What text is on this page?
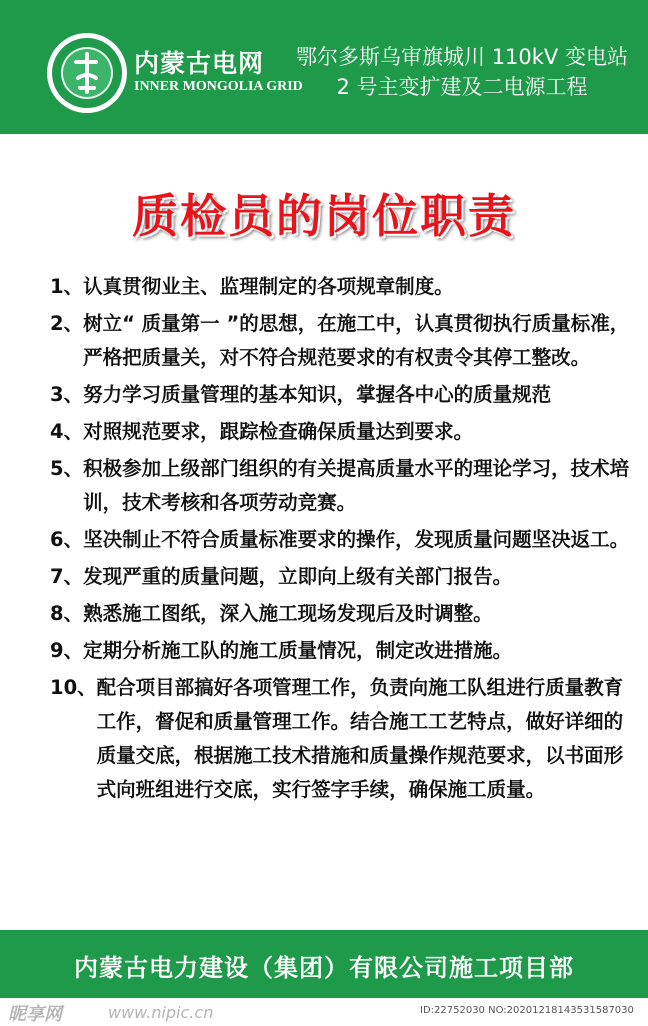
内蒙古电网
INNER MONGOLIA GRID
鄂尔多斯乌审旗城川 110kV 变电站
2 号主变扩建及二电源工程
质检员的岗位职责
1、 认真贯彻业主、监理制定的各项规章制度。
2、 树立“ 质量第一 ”的思想，在施工中，认真贯彻执行质量标准，严格把质量关，对不符合规范要求的有权责令其停工整改。
3、 努力学习质量管理的基本知识，掌握各中心的质量规范
4、 对照规范要求，跟踪检查确保质量达到要求。
5、 积极参加上级部门组织的有关提高质量水平的理论学习，技术培训，技术考核和各项劳动竞赛。
6、 坚决制止不符合质量标准要求的操作，发现质量问题坚决返工。
7、 发现严重的质量问题，立即向上级有关部门报告。
8、 熟悉施工图纸，深入施工现场发现后及时调整。
9、 定期分析施工队的施工质量情况，制定改进措施。
10、 配合项目部搞好各项管理工作，负责向施工队组进行质量教育工作，督促和质量管理工作。结合施工工艺特点，做好详细的质量交底，根据施工技术措施和质量操作规范要求，以书面形式向班组进行交底，实行签字手续，确保施工质量。
内蒙古电力建设（集团）有限公司施工项目部
昵享网	www.nipic.cn	ID:22752030 NO:20201218143531587030
